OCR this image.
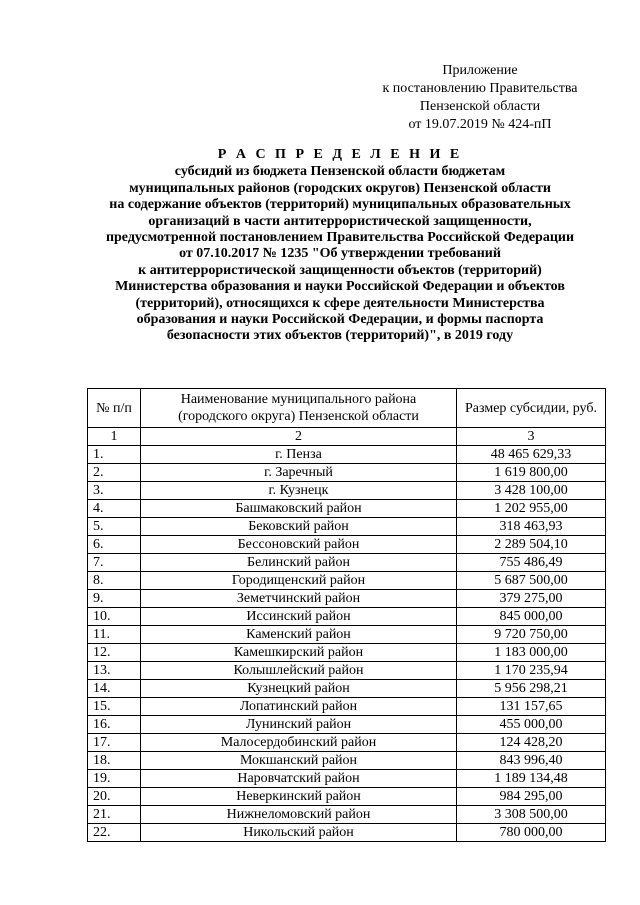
Приложение
к постановлению Правительства
Пензенской области
от 19.07.2019 № 424-пП
Р А С П Р Е Д Е Л Е Н И Е
субсидий из бюджета Пензенской области бюджетам
муниципальных районов (городских округов) Пензенской области
на содержание объектов (территорий) муниципальных образовательных
организаций в части антитеррористической защищенности,
предусмотренной постановлением Правительства Российской Федерации
от 07.10.2017 № 1235 "Об утверждении требований
к антитеррористической защищенности объектов (территорий)
Министерства образования и науки Российской Федерации и объектов
(территорий), относящихся к сфере деятельности Министерства
образования и науки Российской Федерации, и формы паспорта
безопасности этих объектов (территорий)", в 2019 году
№ п/п	Наименование муниципального района (городского округа) Пензенской области	Размер субсидии, руб.
1	2	3
1.	г. Пенза	48 465 629,33
2.	г. Заречный	1 619 800,00
3.	г. Кузнецк	3 428 100,00
4.	Башмаковский район	1 202 955,00
5.	Бековский район	318 463,93
6.	Бессоновский район	2 289 504,10
7.	Белинский район	755 486,49
8.	Городищенский район	5 687 500,00
9.	Земетчинский район	379 275,00
10.	Иссинский район	845 000,00
11.	Каменский район	9 720 750,00
12.	Камешкирский район	1 183 000,00
13.	Колышлейский район	1 170 235,94
14.	Кузнецкий район	5 956 298,21
15.	Лопатинский район	131 157,65
16.	Лунинский район	455 000,00
17.	Малосердобинский район	124 428,20
18.	Мокшанский район	843 996,40
19.	Наровчатский район	1 189 134,48
20.	Неверкинский район	984 295,00
21.	Нижнеломовский район	3 308 500,00
22.	Никольский район	780 000,00
